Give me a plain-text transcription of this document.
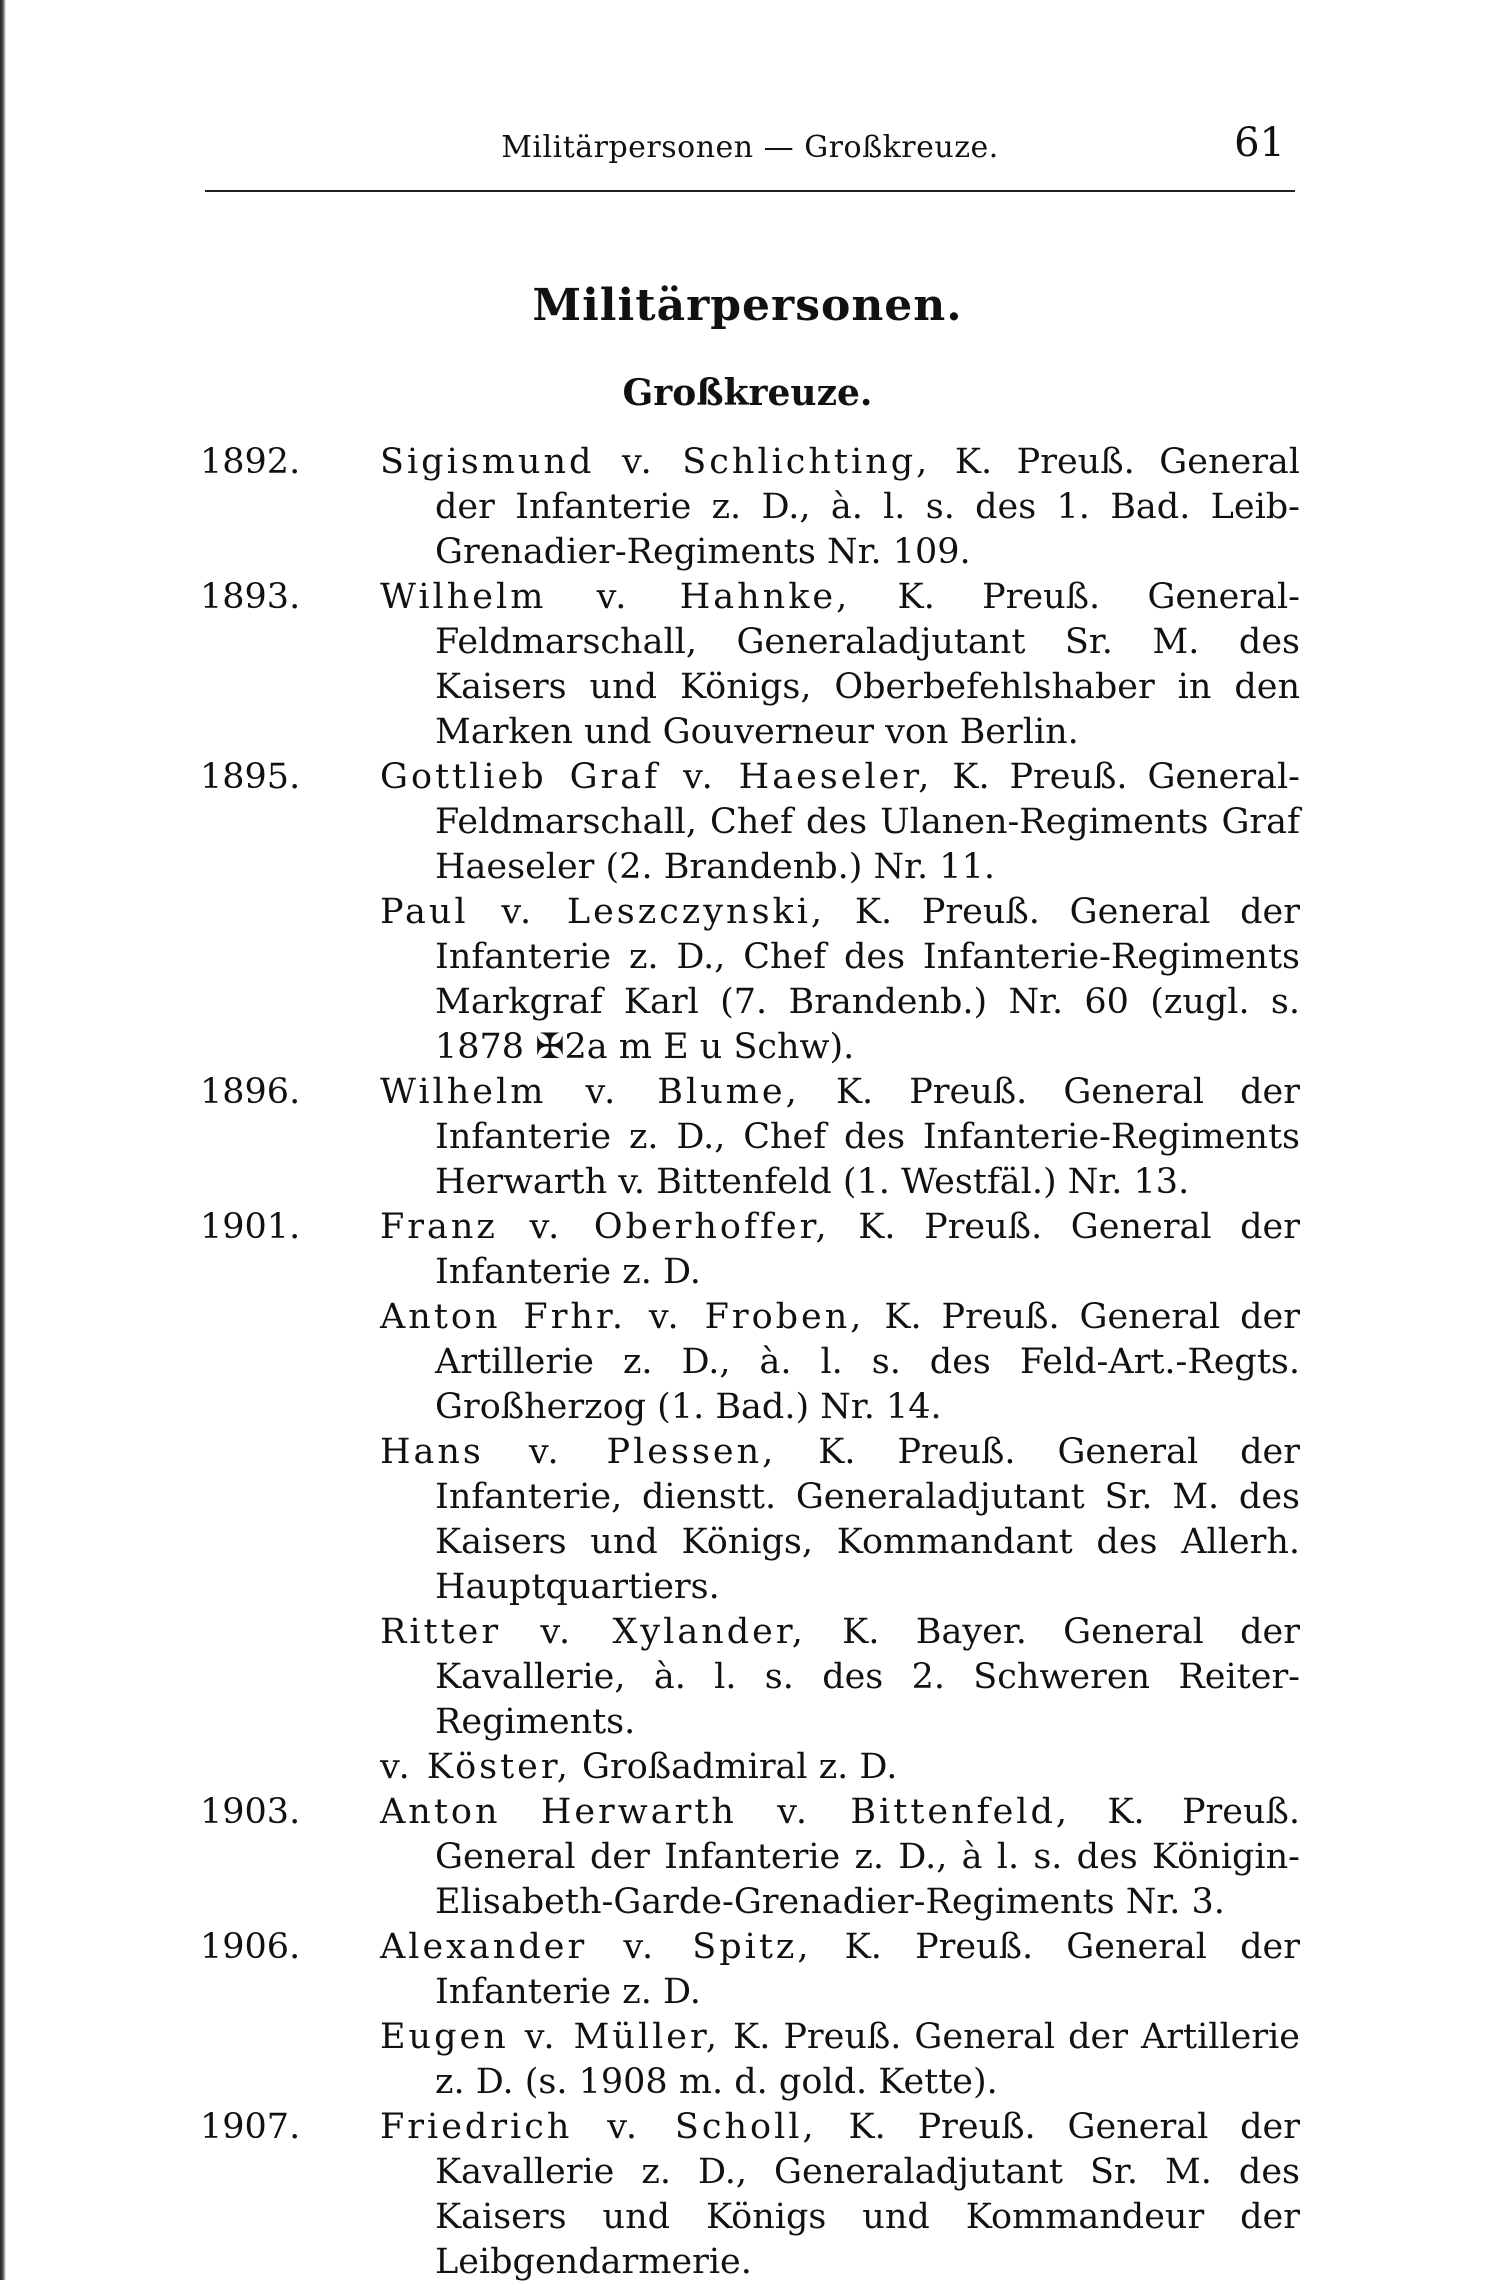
Militärpersonen — Großkreuze.	61
Militärpersonen.
Großkreuze.
1892. Sigismund v. Schlichting, K. Preuß. General der Infanterie z. D., à. l. s. des 1. Bad. Leib-Grenadier-Regiments Nr. 109.
1893. Wilhelm v. Hahnke, K. Preuß. General-Feldmarschall, Generaladjutant Sr. M. des Kaisers und Königs, Oberbefehlshaber in den Marken und Gouverneur von Berlin.
1895. Gottlieb Graf v. Haeseler, K. Preuß. General-Feldmarschall, Chef des Ulanen-Regiments Graf Haeseler (2. Brandenb.) Nr. 11.
Paul v. Leszczynski, K. Preuß. General der Infanterie z. D., Chef des Infanterie-Regiments Markgraf Karl (7. Brandenb.) Nr. 60 (zugl. s. 1878 ✠2a m E u Schw).
1896. Wilhelm v. Blume, K. Preuß. General der Infanterie z. D., Chef des Infanterie-Regiments Herwarth v. Bittenfeld (1. Westfäl.) Nr. 13.
1901. Franz v. Oberhoffer, K. Preuß. General der Infanterie z. D.
Anton Frhr. v. Froben, K. Preuß. General der Artillerie z. D., à. l. s. des Feld-Art.-Regts. Großherzog (1. Bad.) Nr. 14.
Hans v. Plessen, K. Preuß. General der Infanterie, dienstt. Generaladjutant Sr. M. des Kaisers und Königs, Kommandant des Allerh. Hauptquartiers.
Ritter v. Xylander, K. Bayer. General der Kavallerie, à. l. s. des 2. Schweren Reiter-Regiments.
v. Köster, Großadmiral z. D.
1903. Anton Herwarth v. Bittenfeld, K. Preuß. General der Infanterie z. D., à l. s. des Königin-Elisabeth-Garde-Grenadier-Regiments Nr. 3.
1906. Alexander v. Spitz, K. Preuß. General der Infanterie z. D.
Eugen v. Müller, K. Preuß. General der Artillerie z. D. (s. 1908 m. d. gold. Kette).
1907. Friedrich v. Scholl, K. Preuß. General der Kavallerie z. D., Generaladjutant Sr. M. des Kaisers und Königs und Kommandeur der Leibgendarmerie.
